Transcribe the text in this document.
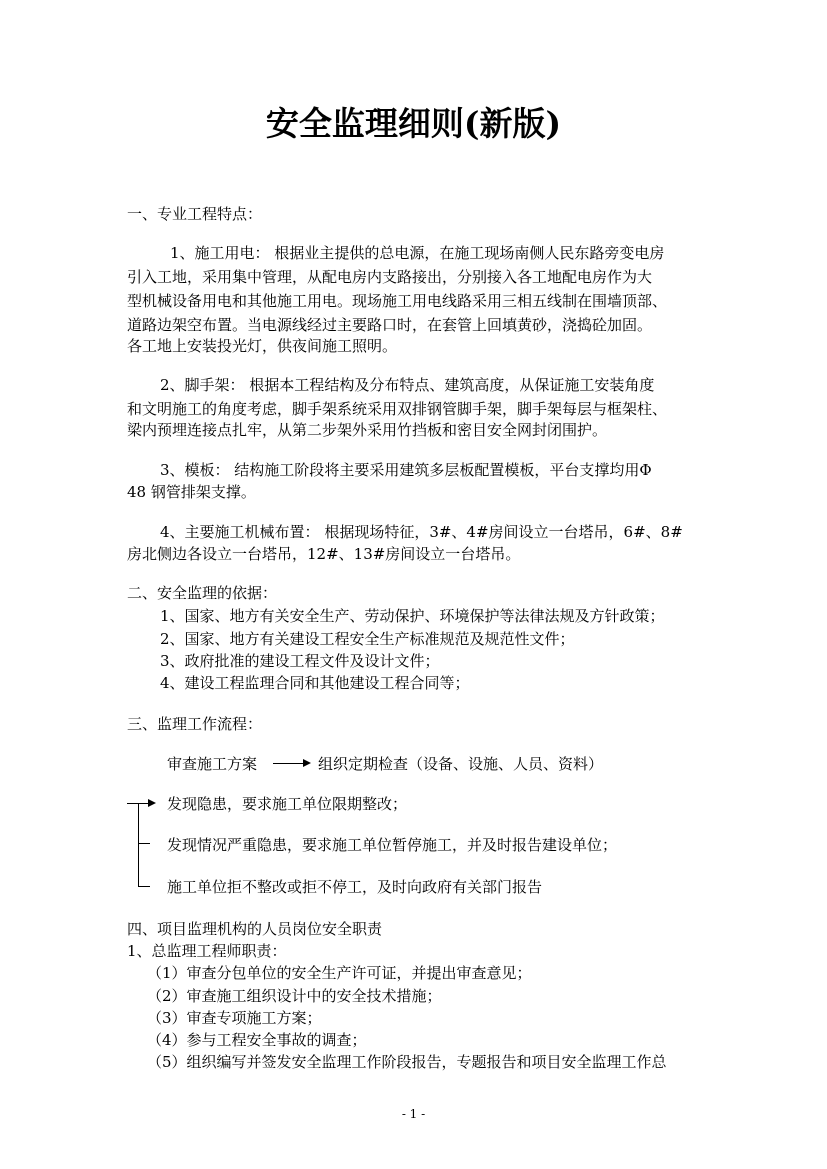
安全监理细则(新版)
一、专业工程特点：
1、施工用电： 根据业主提供的总电源，在施工现场南侧人民东路旁变电房
引入工地，采用集中管理，从配电房内支路接出，分别接入各工地配电房作为大
型机械设备用电和其他施工用电。现场施工用电线路采用三相五线制在围墙顶部、
道路边架空布置。当电源线经过主要路口时，在套管上回填黄砂，浇捣砼加固。
各工地上安装投光灯，供夜间施工照明。
2、脚手架： 根据本工程结构及分布特点、建筑高度，从保证施工安装角度
和文明施工的角度考虑，脚手架系统采用双排钢管脚手架，脚手架每层与框架柱、
梁内预埋连接点扎牢，从第二步架外采用竹挡板和密目安全网封闭围护。
3、模板： 结构施工阶段将主要采用建筑多层板配置模板，平台支撑均用Φ
48 钢管排架支撑。
4、主要施工机械布置： 根据现场特征，3#、4#房间设立一台塔吊，6#、8#
房北侧边各设立一台塔吊，12#、13#房间设立一台塔吊。
二、安全监理的依据：
1、国家、地方有关安全生产、劳动保护、环境保护等法律法规及方针政策；
2、国家、地方有关建设工程安全生产标准规范及规范性文件；
3、政府批准的建设工程文件及设计文件；
4、建设工程监理合同和其他建设工程合同等；
三、监理工作流程：
审查施工方案	组织定期检查（设备、设施、人员、资料）
发现隐患，要求施工单位限期整改；
发现情况严重隐患，要求施工单位暂停施工，并及时报告建设单位；
施工单位拒不整改或拒不停工，及时向政府有关部门报告
四、项目监理机构的人员岗位安全职责
1、总监理工程师职责：
（1）审查分包单位的安全生产许可证，并提出审查意见；
（2）审查施工组织设计中的安全技术措施；
（3）审查专项施工方案；
（4）参与工程安全事故的调查；
（5）组织编写并签发安全监理工作阶段报告，专题报告和项目安全监理工作总
- 1 -
